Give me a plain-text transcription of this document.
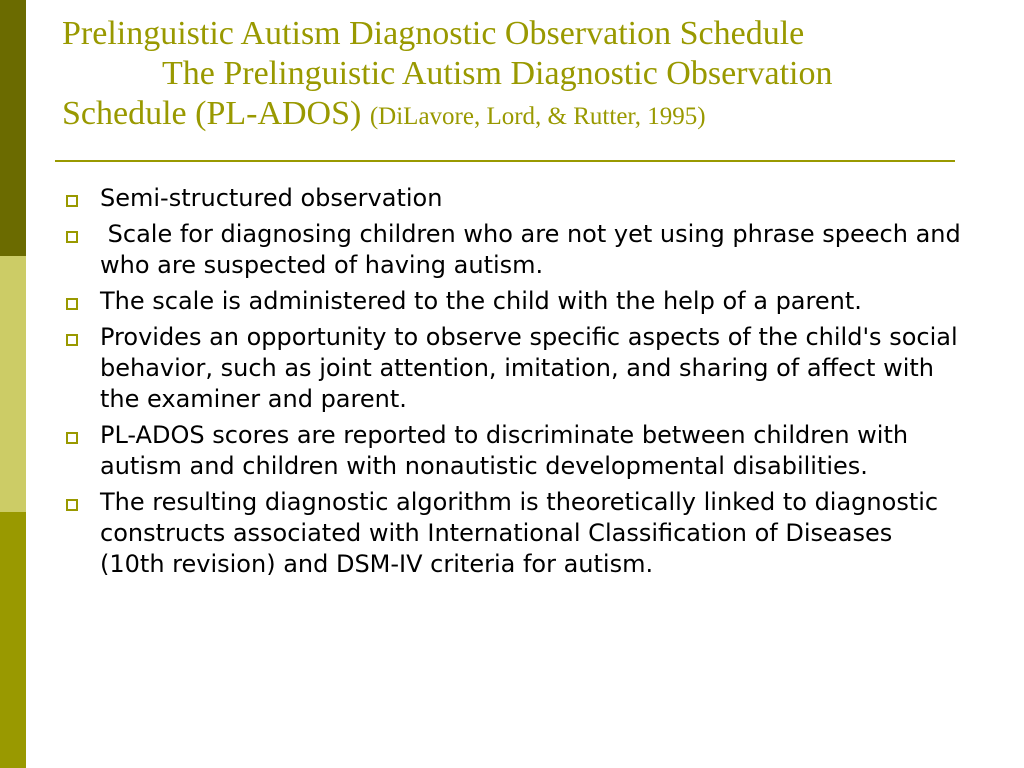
Prelinguistic Autism Diagnostic Observation Schedule
The Prelinguistic Autism Diagnostic Observation
Schedule (PL-ADOS) (DiLavore, Lord, & Rutter, 1995)
Semi-structured observation
Scale for diagnosing children who are not yet using phrase speech and who are suspected of having autism.
The scale is administered to the child with the help of a parent.
Provides an opportunity to observe specific aspects of the child's social behavior, such as joint attention, imitation, and sharing of affect with the examiner and parent.
PL-ADOS scores are reported to discriminate between children with autism and children with nonautistic developmental disabilities.
The resulting diagnostic algorithm is theoretically linked to diagnostic constructs associated with International Classification of Diseases (10th revision) and DSM-IV criteria for autism.
